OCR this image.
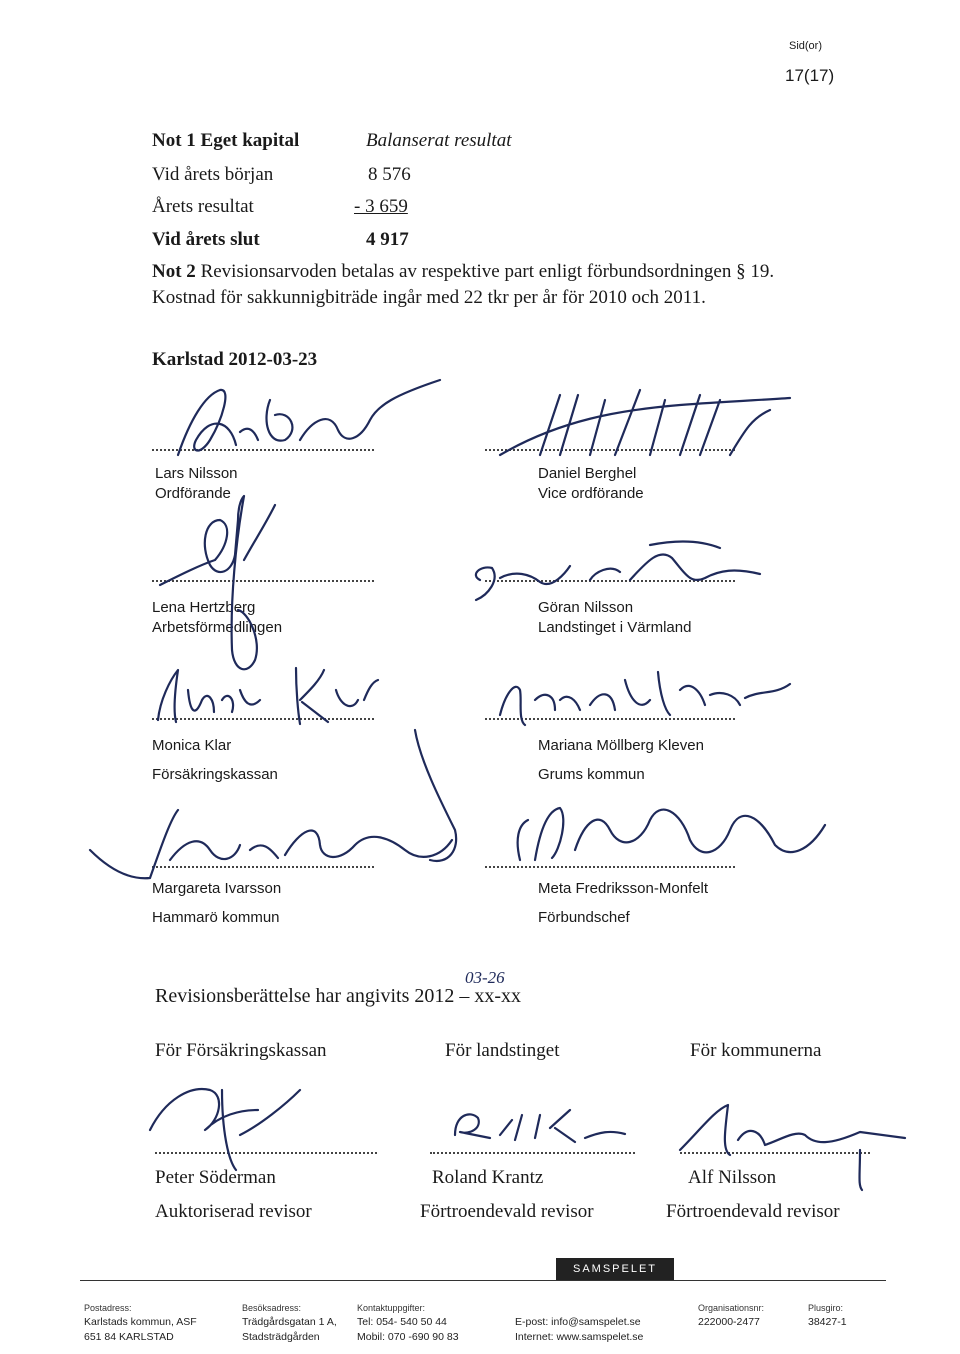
Sid(or)
17(17)
Not 1 Eget kapital	Balanserat resultat
Vid årets början	8 576
Årets resultat	- 3 659
Vid årets slut	4 917
Not 2 Revisionsarvoden betalas av respektive part enligt förbundsordningen § 19.
Kostnad för sakkunnigbiträde ingår med 22 tkr per år för 2010 och 2011.
Karlstad 2012-03-23
Lars Nilsson
Ordförande
Daniel Berghel
Vice ordförande
Lena Hertzberg
Arbetsförmedlingen
Göran Nilsson
Landstinget i Värmland
Monica Klar
Försäkringskassan
Mariana Möllberg Kleven
Grums kommun
Margareta Ivarsson
Hammarö kommun
Meta Fredriksson-Monfelt
Förbundschef
Revisionsberättelse har angivits 2012 – xx-xx
03-26
För Försäkringskassan	För landstinget	För kommunerna
Peter Söderman
Auktoriserad revisor
Roland Krantz
Förtroendevald revisor
Alf Nilsson
Förtroendevald revisor
SAMSPELET
Postadress:
Karlstads kommun, ASF
651 84 KARLSTAD
Besöksadress:
Trädgårdsgatan 1 A,
Stadsträdgården
Kontaktuppgifter:
Tel: 054- 540 50 44
Mobil: 070 -690 90 83
E-post: info@samspelet.se
Internet: www.samspelet.se
Organisationsnr:
222000-2477
Plusgiro:
38427-1
